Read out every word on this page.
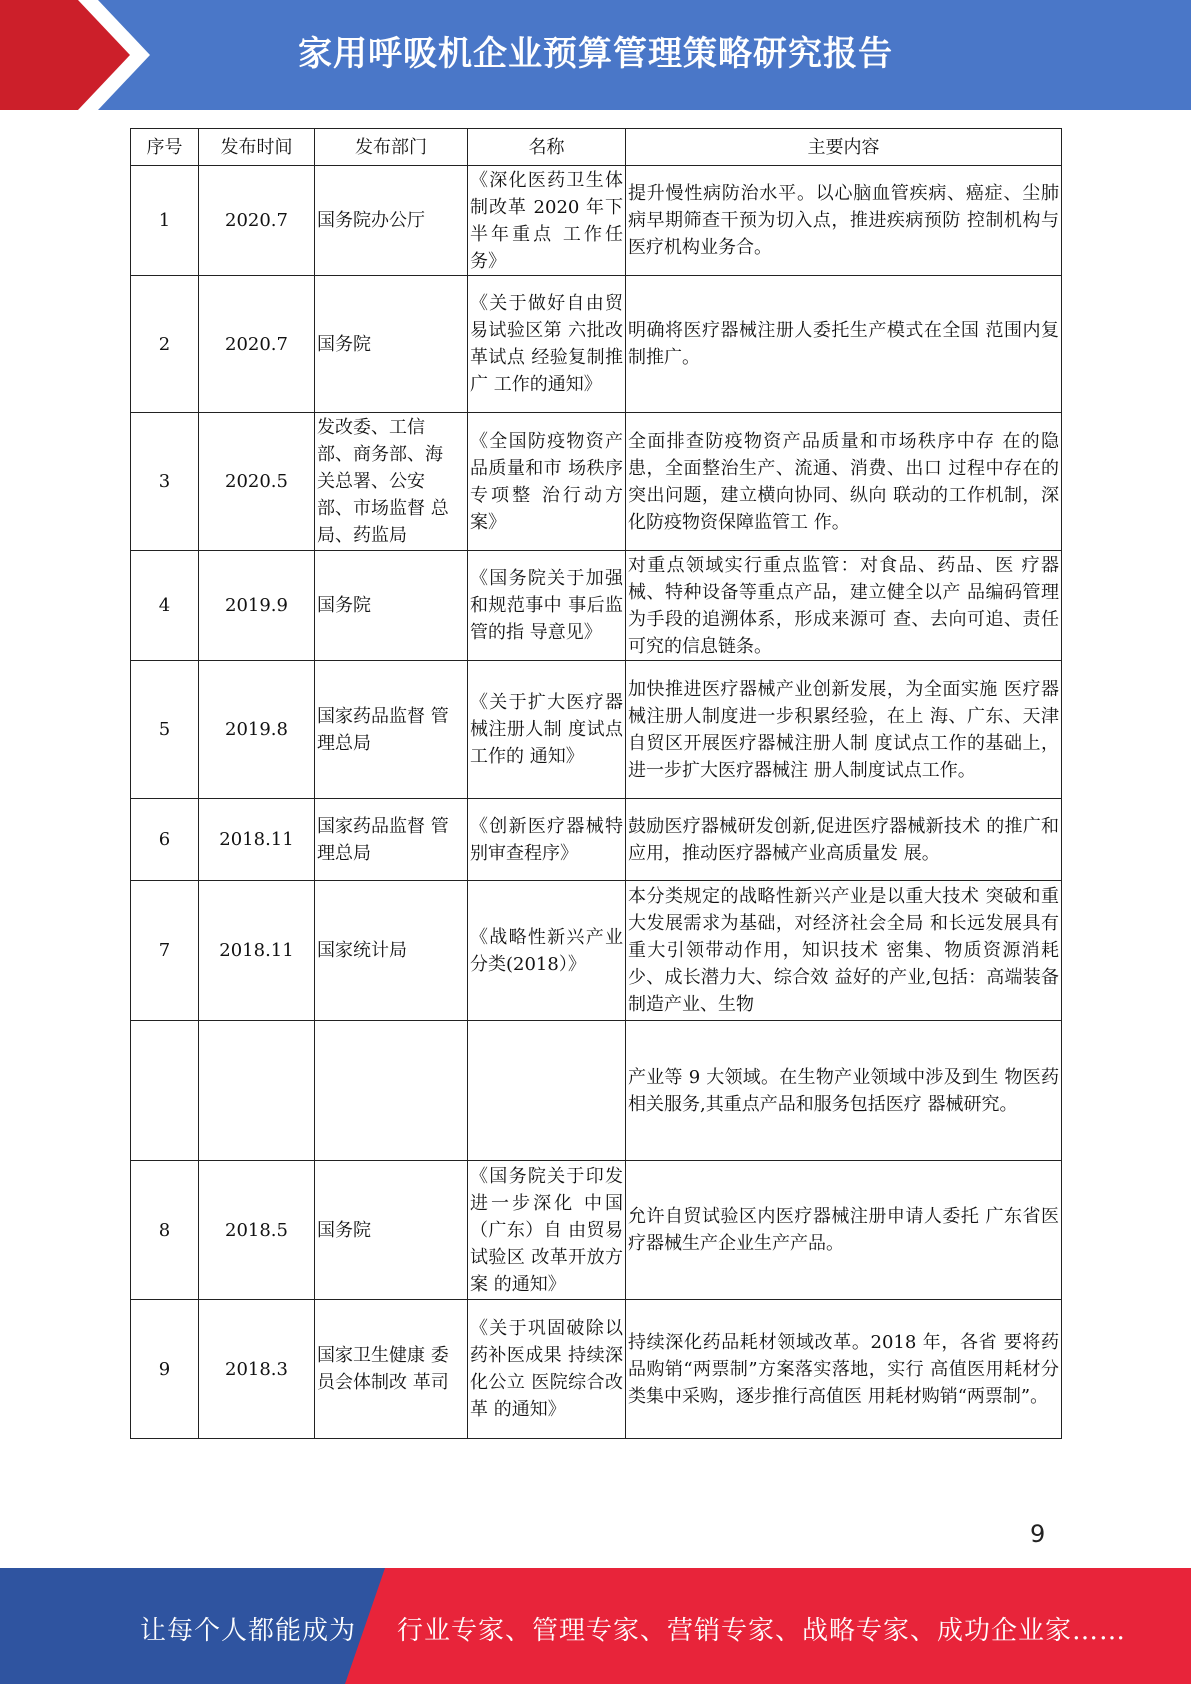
家用呼吸机企业预算管理策略研究报告
序号	发布时间	发布部门	名称	主要内容
1	2020.7	国务院办公厅	《深化医药卫生体制改革 2020 年下半年重点 工作任务》	提升慢性病防治水平。以心脑血管疾病、癌症、尘肺病早期筛查干预为切入点，推进疾病预防 控制机构与医疗机构业务合。
2	2020.7	国务院	《关于做好自由贸易试验区第 六批改革试点 经验复制推广 工作的通知》	明确将医疗器械注册人委托生产模式在全国 范围内复制推广。
3	2020.5	发改委、工信 部、商务部、海 关总署、公安 部、市场监督 总局、药监局	《全国防疫物资产品质量和市 场秩序专项整 治行动方案》	全面排查防疫物资产品质量和市场秩序中存 在的隐患，全面整治生产、流通、消费、出口 过程中存在的突出问题，建立横向协同、纵向 联动的工作机制，深化防疫物资保障监管工 作。
4	2019.9	国务院	《国务院关于加强和规范事中 事后监管的指 导意见》	对重点领域实行重点监管：对食品、药品、医 疗器械、特种设备等重点产品，建立健全以产 品编码管理为手段的追溯体系，形成来源可 查、去向可追、责任可究的信息链条。
5	2019.8	国家药品监督 管理总局	《关于扩大医疗器械注册人制 度试点工作的 通知》	加快推进医疗器械产业创新发展，为全面实施 医疗器械注册人制度进一步积累经验，在上 海、广东、天津自贸区开展医疗器械注册人制 度试点工作的基础上，进一步扩大医疗器械注 册人制度试点工作。
6	2018.11	国家药品监督 管理总局	《创新医疗器械特别审查程序》	鼓励医疗器械研发创新,促进医疗器械新技术 的推广和应用，推动医疗器械产业高质量发 展。
7	2018.11	国家统计局	《战略性新兴产业分类(2018）》	本分类规定的战略性新兴产业是以重大技术 突破和重大发展需求为基础，对经济社会全局 和长远发展具有重大引领带动作用，知识技术 密集、物质资源消耗少、成长潜力大、综合效 益好的产业,包括：高端装备制造产业、生物
				产业等 9 大领域。在生物产业领域中涉及到生 物医药相关服务,其重点产品和服务包括医疗 器械研究。
8	2018.5	国务院	《国务院关于印发进一步深化 中国（广东）自 由贸易试验区 改革开放方案 的通知》	允许自贸试验区内医疗器械注册申请人委托 广东省医疗器械生产企业生产产品。
9	2018.3	国家卫生健康 委员会体制改 革司	《关于巩固破除以药补医成果 持续深化公立 医院综合改革 的通知》	持续深化药品耗材领域改革。2018 年，各省 要将药品购销“两票制”方案落实落地，实行 高值医用耗材分类集中采购，逐步推行高值医 用耗材购销“两票制”。
9
让每个人都能成为 行业专家、管理专家、营销专家、战略专家、成功企业家……
